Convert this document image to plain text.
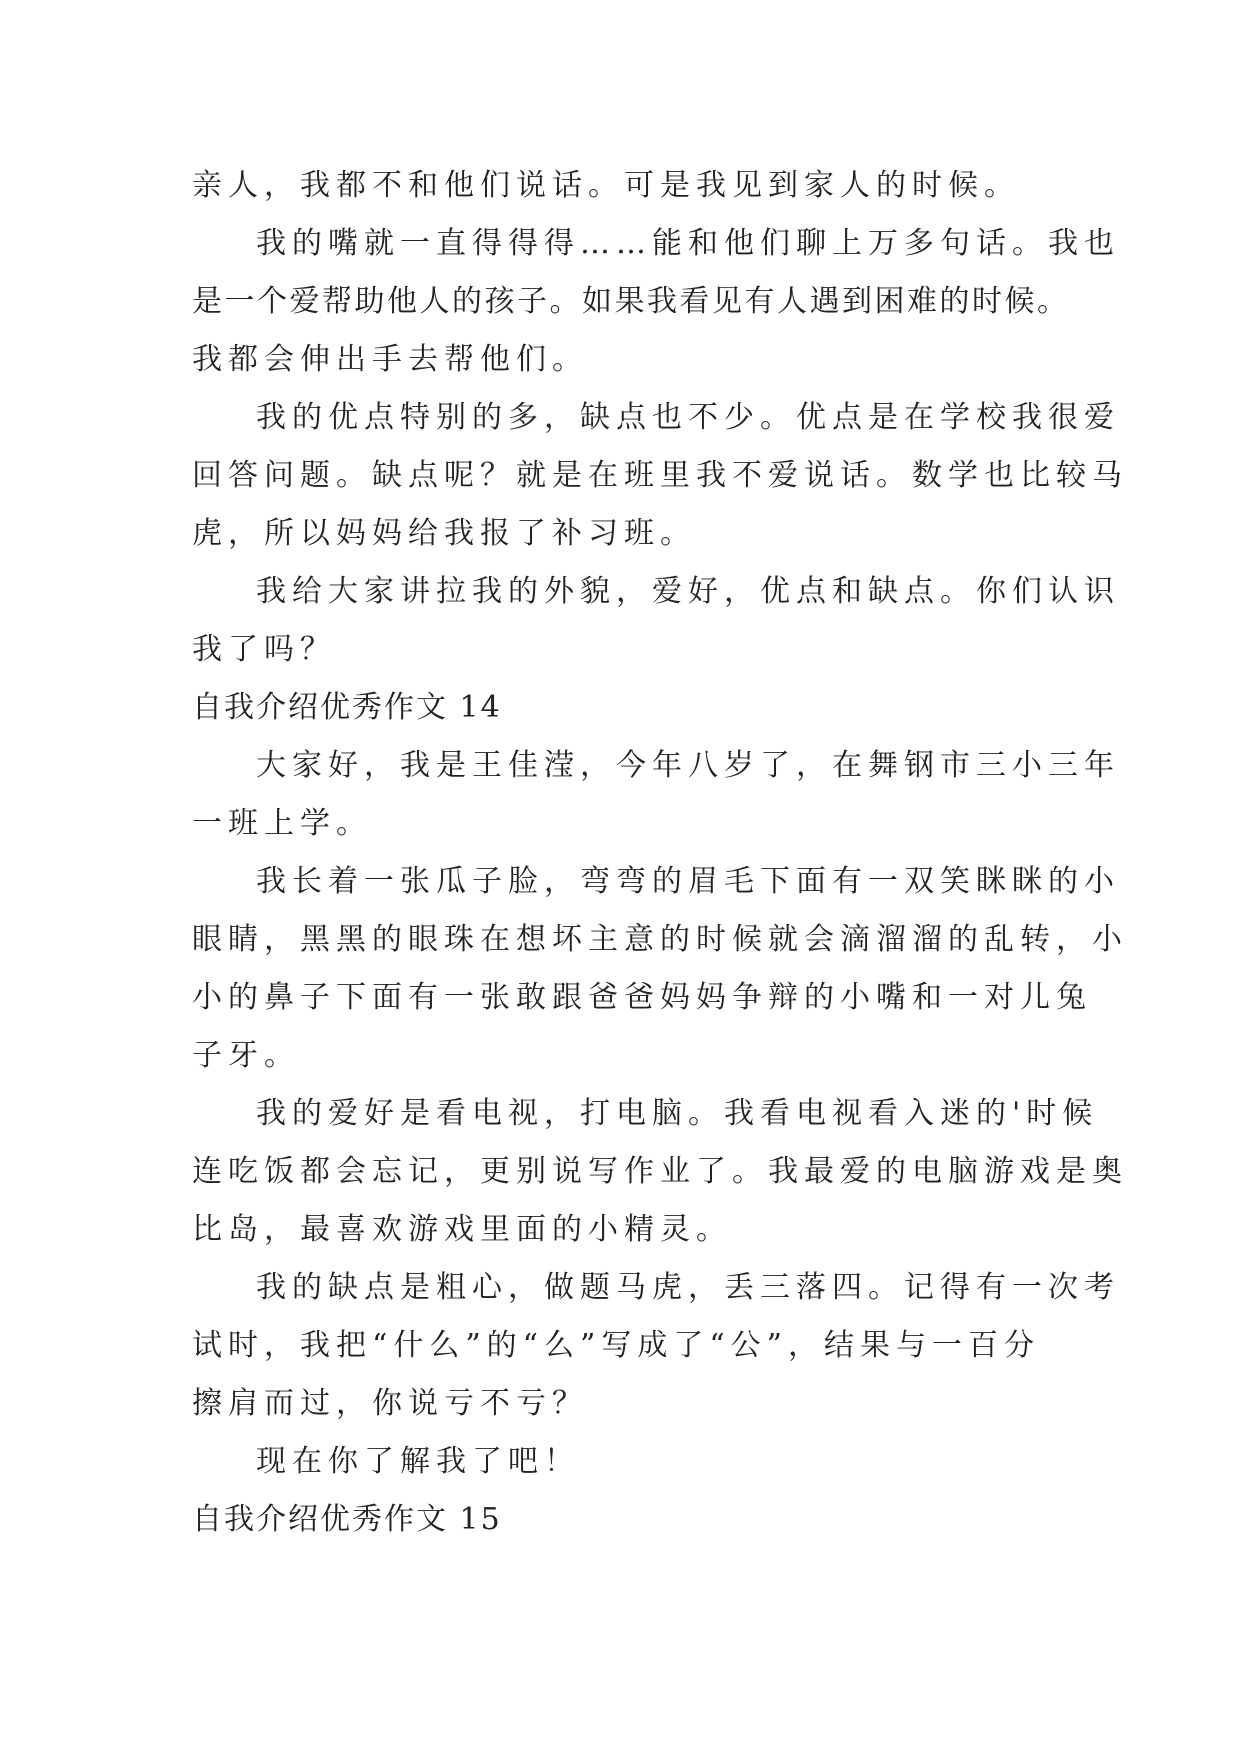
亲人，我都不和他们说话。可是我见到家人的时候。

我的嘴就一直得得得……能和他们聊上万多句话。我也

是一个爱帮助他人的孩子。如果我看见有人遇到困难的时候。

我都会伸出手去帮他们。

我的优点特别的多，缺点也不少。优点是在学校我很爱

回答问题。缺点呢？就是在班里我不爱说话。数学也比较马

虎，所以妈妈给我报了补习班。

我给大家讲拉我的外貌，爱好，优点和缺点。你们认识

我了吗？

自我介绍优秀作文 14

大家好，我是王佳滢，今年八岁了，在舞钢市三小三年

一班上学。

我长着一张瓜子脸，弯弯的眉毛下面有一双笑眯眯的小

眼睛，黑黑的眼珠在想坏主意的时候就会滴溜溜的乱转，小

小的鼻子下面有一张敢跟爸爸妈妈争辩的小嘴和一对儿兔

子牙。

我的爱好是看电视，打电脑。我看电视看入迷的'时候

连吃饭都会忘记，更别说写作业了。我最爱的电脑游戏是奥

比岛，最喜欢游戏里面的小精灵。

我的缺点是粗心，做题马虎，丢三落四。记得有一次考

试时，我把“什么”的“么”写成了“公”，结果与一百分

擦肩而过，你说亏不亏？

现在你了解我了吧！

自我介绍优秀作文 15
